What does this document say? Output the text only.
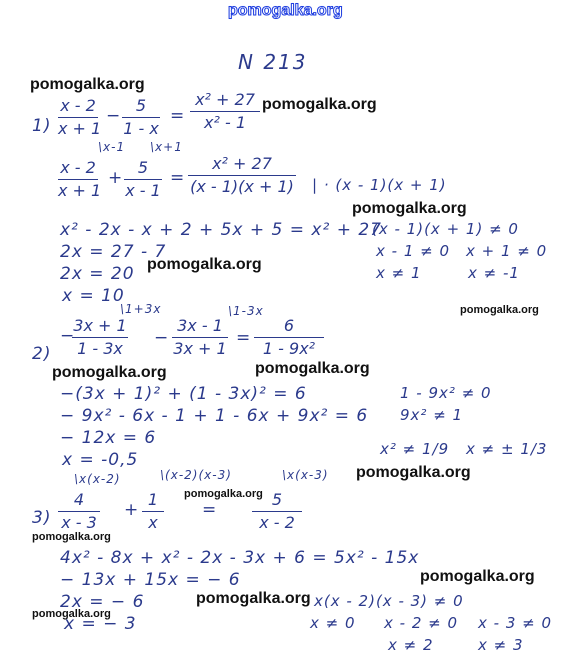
pomogalka.org
N 213
pomogalka.org
pomogalka.org
pomogalka.org
pomogalka.org
pomogalka.org
pomogalka.org	pomogalka.org
pomogalka.org
pomogalka.org
pomogalka.org
pomogalka.org
pomogalka.org
pomogalka.org
1)
x - 2
x + 1
−
5
1 - x
=
x² + 27
x² - 1
\x-1 \x+1
x - 2
x + 1
+
5
x - 1
=
x² + 27
(x - 1)(x + 1) | · (x - 1)(x + 1)
x² - 2x - x + 2 + 5x + 5 = x² + 27
(x - 1)(x + 1) ≠ 0
2x = 27 - 7	x - 1 ≠ 0 x + 1 ≠ 0
2x = 20	x ≠ 1	x ≠ -1
x = 10
2)
−
\1+3x	\1-3x
3x + 1
1 - 3x
−
3x - 1
3x + 1
=
6
1 - 9x²
−(3x + 1)² + (1 - 3x)² = 6	1 - 9x² ≠ 0
− 9x² - 6x - 1 + 1 - 6x + 9x² = 6 9x² ≠ 1
− 12x = 6
x² ≠ 1/9 x ≠ ± 1/3
x = -0,5
3)
\x(x-2)	\(x-2)(x-3)	\x(x-3)
4
x - 3
+
1
x
=
5
x - 2
4x² - 8x + x² - 2x - 3x + 6 = 5x² - 15x
− 13x + 15x = − 6
2x = − 6
x = − 3
x(x - 2)(x - 3) ≠ 0
x ≠ 0 x - 2 ≠ 0 x - 3 ≠ 0
x ≠ 2	x ≠ 3
